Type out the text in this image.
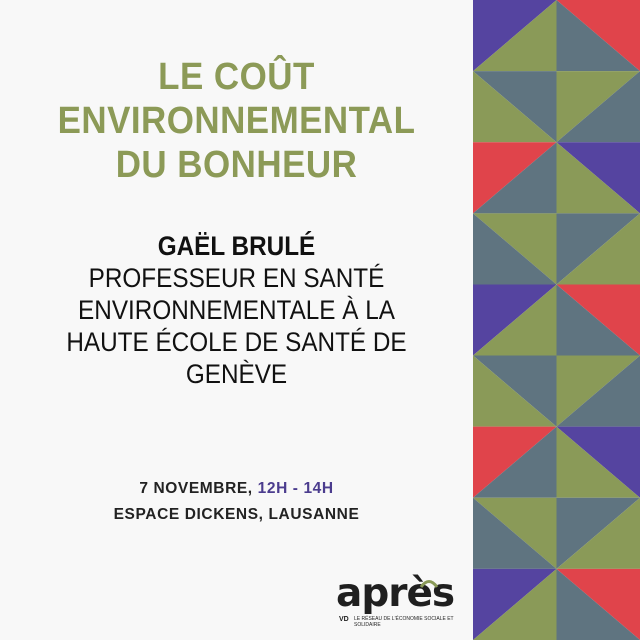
LE COÛT
ENVIRONNEMENTAL
DU BONHEUR
GAËL BRULÉ
PROFESSEUR EN SANTÉ ENVIRONNEMENTALE À LA HAUTE ÉCOLE DE SANTÉ DE GENÈVE
7 NOVEMBRE, 12H - 14H
ESPACE DICKENS, LAUSANNE
après
VD LE RÉSEAU DE L'ÉCONOMIE SOCIALE ET SOLIDAIRE
